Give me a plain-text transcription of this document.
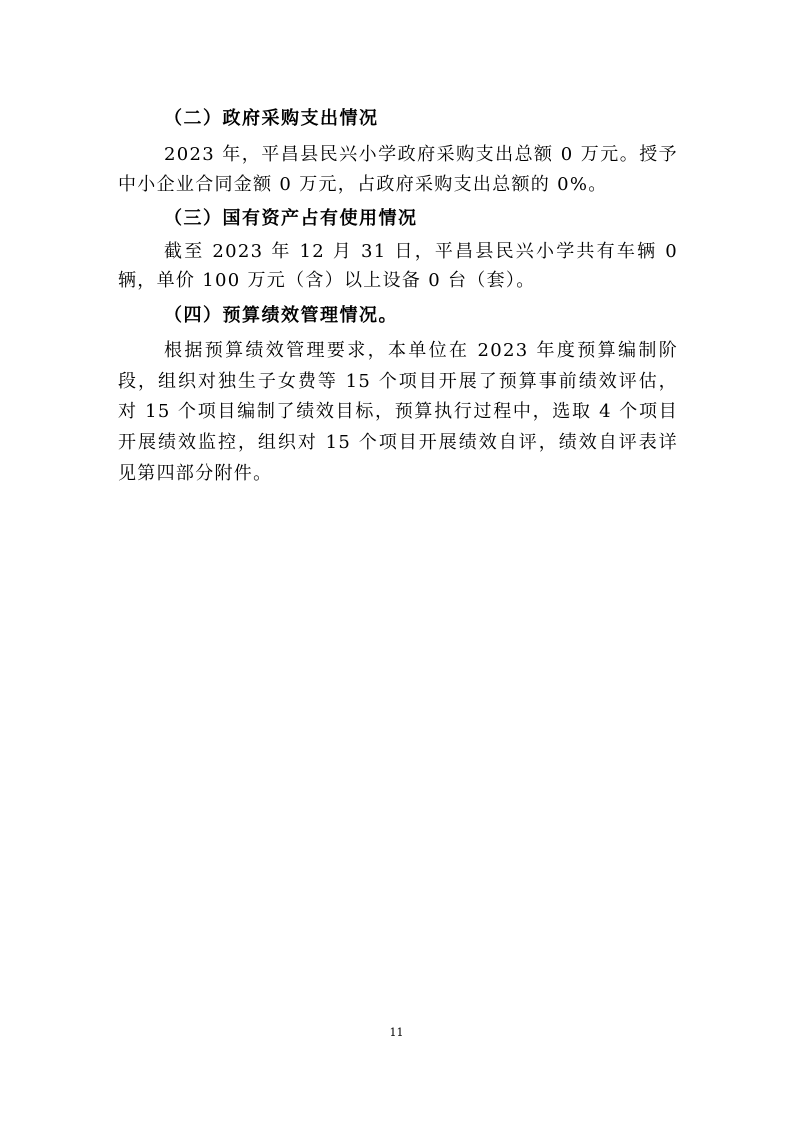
（二）政府采购支出情况

2023 年，平昌县民兴小学政府采购支出总额 0 万元。授予中小企业合同金额 0 万元，占政府采购支出总额的 0%。

（三）国有资产占有使用情况

截至 2023 年 12 月 31 日，平昌县民兴小学共有车辆 0 辆，单价 100 万元（含）以上设备 0 台（套）。

（四）预算绩效管理情况。

根据预算绩效管理要求，本单位在 2023 年度预算编制阶段，组织对独生子女费等 15 个项目开展了预算事前绩效评估，对 15 个项目编制了绩效目标，预算执行过程中，选取 4 个项目开展绩效监控，组织对 15 个项目开展绩效自评，绩效自评表详见第四部分附件。

11
